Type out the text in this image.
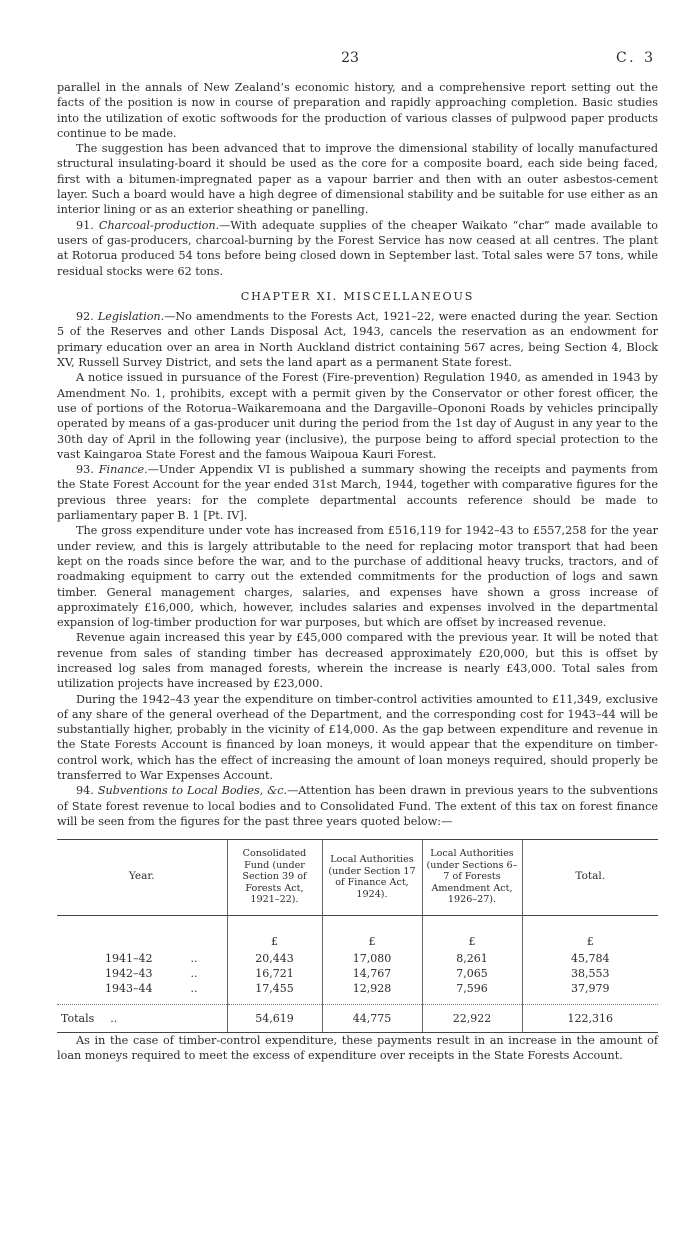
23	C. 3

parallel in the annals of New Zealand’s economic history, and a comprehensive report setting out the facts of the position is now in course of preparation and rapidly approaching completion. Basic studies into the utilization of exotic softwoods for the production of various classes of pulpwood paper products continue to be made.

The suggestion has been advanced that to improve the dimensional stability of locally manufactured structural insulating-board it should be used as the core for a composite board, each side being faced, first with a bitumen-impregnated paper as a vapour barrier and then with an outer asbestos-cement layer. Such a board would have a high degree of dimensional stability and be suitable for use either as an interior lining or as an exterior sheathing or panelling.

91. Charcoal-production.—With adequate supplies of the cheaper Waikato “char” made available to users of gas-producers, charcoal-burning by the Forest Service has now ceased at all centres. The plant at Rotorua produced 54 tons before being closed down in September last. Total sales were 57 tons, while residual stocks were 62 tons.

CHAPTER XI. MISCELLANEOUS

92. Legislation.—No amendments to the Forests Act, 1921–22, were enacted during the year. Section 5 of the Reserves and other Lands Disposal Act, 1943, cancels the reservation as an endowment for primary education over an area in North Auckland district containing 567 acres, being Section 4, Block XV, Russell Survey District, and sets the land apart as a permanent State forest.

A notice issued in pursuance of the Forest (Fire-prevention) Regulation 1940, as amended in 1943 by Amendment No. 1, prohibits, except with a permit given by the Conservator or other forest officer, the use of portions of the Rotorua–Waikaremoana and the Dargaville–Opononi Roads by vehicles principally operated by means of a gas-producer unit during the period from the 1st day of August in any year to the 30th day of April in the following year (inclusive), the purpose being to afford special protection to the vast Kaingaroa State Forest and the famous Waipoua Kauri Forest.

93. Finance.—Under Appendix VI is published a summary showing the receipts and payments from the State Forest Account for the year ended 31st March, 1944, together with comparative figures for the previous three years: for the complete departmental accounts reference should be made to parliamentary paper B. 1 [Pt. IV].

The gross expenditure under vote has increased from £516,119 for 1942–43 to £557,258 for the year under review, and this is largely attributable to the need for replacing motor transport that had been kept on the roads since before the war, and to the purchase of additional heavy trucks, tractors, and of roadmaking equipment to carry out the extended commitments for the production of logs and sawn timber. General management charges, salaries, and expenses have shown a gross increase of approximately £16,000, which, however, includes salaries and expenses involved in the departmental expansion of log-timber production for war purposes, but which are offset by increased revenue.

Revenue again increased this year by £45,000 compared with the previous year. It will be noted that revenue from sales of standing timber has decreased approximately £20,000, but this is offset by increased log sales from managed forests, wherein the increase is nearly £43,000. Total sales from utilization projects have increased by £23,000.

During the 1942–43 year the expenditure on timber-control activities amounted to £11,349, exclusive of any share of the general overhead of the Department, and the corresponding cost for 1943–44 will be substantially higher, probably in the vicinity of £14,000. As the gap between expenditure and revenue in the State Forests Account is financed by loan moneys, it would appear that the expenditure on timber-control work, which has the effect of increasing the amount of loan moneys required, should properly be transferred to War Expenses Account.

94. Subventions to Local Bodies, &c.—Attention has been drawn in previous years to the subventions of State forest revenue to local bodies and to Consolidated Fund. The extent of this tax on forest finance will be seen from the figures for the past three years quoted below:—

Year.	Consolidated Fund (under Section 39 of Forests Act, 1921–22).	Local Authorities (under Section 17 of Finance Act, 1924).	Local Authorities (under Sections 6–7 of Forests Amendment Act, 1926–27).	Total.
	£	£	£	£
1941–42 ..	20,443	17,080	8,261	45,784
1942–43 ..	16,721	14,767	7,065	38,553
1943–44 ..	17,455	12,928	7,596	37,979

Totals ..	54,619	44,775	22,922	122,316

As in the case of timber-control expenditure, these payments result in an increase in the amount of loan moneys required to meet the excess of expenditure over receipts in the State Forests Account.
